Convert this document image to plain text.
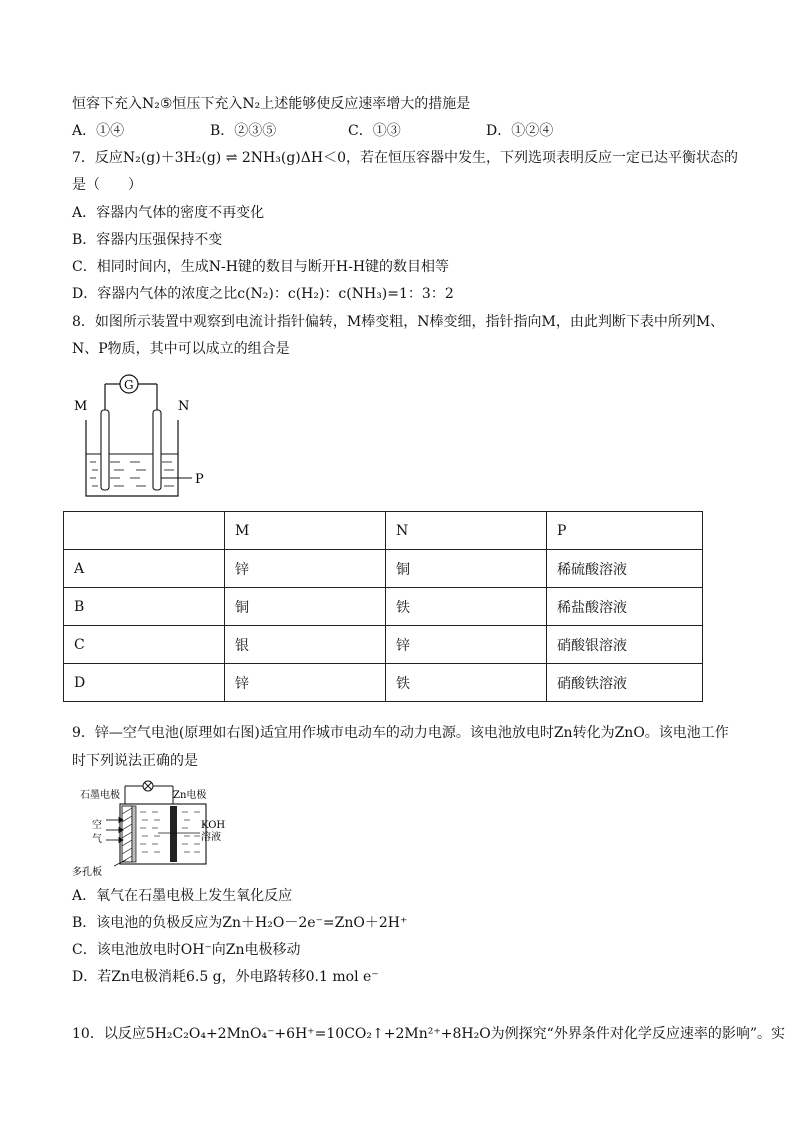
恒容下充入N₂⑤恒压下充入N₂上述能够使反应速率增大的措施是
A．①④	B．②③⑤	C．①③	D．①②④
7．反应N₂(g)＋3H₂(g) ⇌ 2NH₃(g)ΔH＜0，若在恒压容器中发生，下列选项表明反应一定已达平衡状态的
是（　　）
A．容器内气体的密度不再变化
B．容器内压强保持不变
C．相同时间内，生成N-H键的数目与断开H-H键的数目相等
D．容器内气体的浓度之比c(N₂)：c(H₂)：c(NH₃)=1：3：2
8．如图所示装置中观察到电流计指针偏转，M棒变粗，N棒变细，指针指向M，由此判断下表中所列M、
N、P物质，其中可以成立的组合是
G
M	N
P
	M	N	P
A	锌	铜	稀硫酸溶液
B	铜	铁	稀盐酸溶液
C	银	锌	硝酸银溶液
D	锌	铁	硝酸铁溶液
9．锌—空气电池(原理如右图)适宜用作城市电动车的动力电源。该电池放电时Zn转化为ZnO。该电池工作
时下列说法正确的是
石墨电极	Zn电极
空
气
KOH
溶液
多孔板
A．氧气在石墨电极上发生氧化反应
B．该电池的负极反应为Zn＋H₂O－2e⁻=ZnO＋2H⁺
C．该电池放电时OH⁻向Zn电极移动
D．若Zn电极消耗6.5 g，外电路转移0.1 mol e⁻
10．以反应5H₂C₂O₄+2MnO₄⁻+6H⁺=10CO₂↑+2Mn²⁺+8H₂O为例探究“外界条件对化学反应速率的影响”。实
